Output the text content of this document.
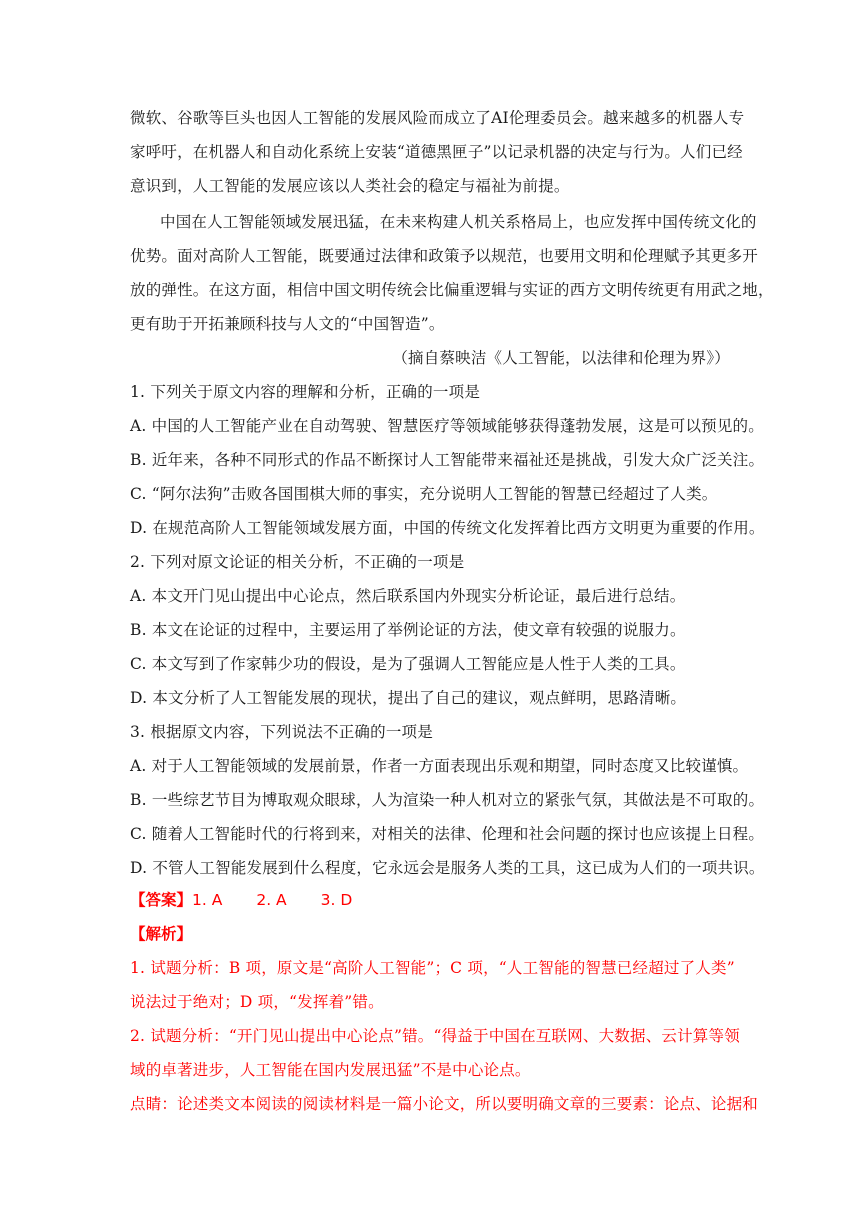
微软、谷歌等巨头也因人工智能的发展风险而成立了AI伦理委员会。越来越多的机器人专
家呼吁，在机器人和自动化系统上安装“道德黑匣子”以记录机器的决定与行为。人们已经
意识到，人工智能的发展应该以人类社会的稳定与福祉为前提。
中国在人工智能领域发展迅猛，在未来构建人机关系格局上，也应发挥中国传统文化的
优势。面对高阶人工智能，既要通过法律和政策予以规范，也要用文明和伦理赋予其更多开
放的弹性。在这方面，相信中国文明传统会比偏重逻辑与实证的西方文明传统更有用武之地，
更有助于开拓兼顾科技与人文的“中国智造”。
（摘自蔡映洁《人工智能，以法律和伦理为界》）
1. 下列关于原文内容的理解和分析，正确的一项是
A. 中国的人工智能产业在自动驾驶、智慧医疗等领域能够获得蓬勃发展，这是可以预见的。
B. 近年来，各种不同形式的作品不断探讨人工智能带来福祉还是挑战，引发大众广泛关注。
C. “阿尔法狗”击败各国围棋大师的事实，充分说明人工智能的智慧已经超过了人类。
D. 在规范高阶人工智能领域发展方面，中国的传统文化发挥着比西方文明更为重要的作用。
2. 下列对原文论证的相关分析，不正确的一项是
A. 本文开门见山提出中心论点，然后联系国内外现实分析论证，最后进行总结。
B. 本文在论证的过程中，主要运用了举例论证的方法，使文章有较强的说服力。
C. 本文写到了作家韩少功的假设，是为了强调人工智能应是人性于人类的工具。
D. 本文分析了人工智能发展的现状，提出了自己的建议，观点鲜明，思路清晰。
3. 根据原文内容，下列说法不正确的一项是
A. 对于人工智能领域的发展前景，作者一方面表现出乐观和期望，同时态度又比较谨慎。
B. 一些综艺节目为博取观众眼球，人为渲染一种人机对立的紧张气氛，其做法是不可取的。
C. 随着人工智能时代的行将到来，对相关的法律、伦理和社会问题的探讨也应该提上日程。
D. 不管人工智能发展到什么程度，它永远会是服务人类的工具，这已成为人们的一项共识。
【答案】1. A 2. A 3. D
【解析】
1. 试题分析：B 项，原文是“高阶人工智能”；C 项，“人工智能的智慧已经超过了人类”
说法过于绝对；D 项，“发挥着”错。
2. 试题分析：“开门见山提出中心论点”错。“得益于中国在互联网、大数据、云计算等领
域的卓著进步，人工智能在国内发展迅猛”不是中心论点。
点睛：论述类文本阅读的阅读材料是一篇小论文，所以要明确文章的三要素：论点、论据和
